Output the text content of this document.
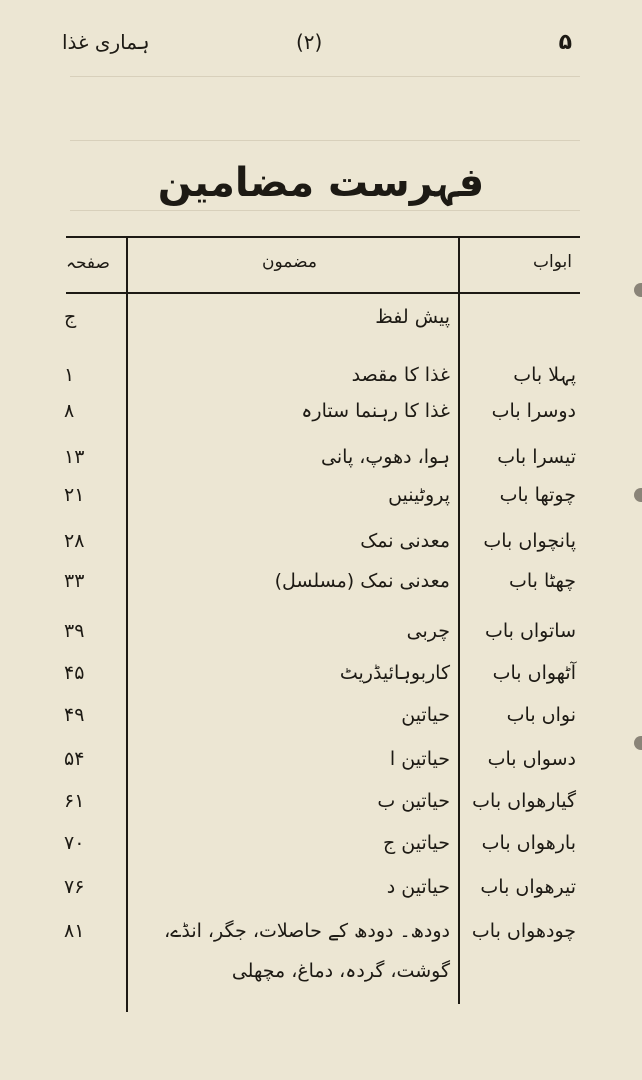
ہماری غذا	(۲)	۵
فہرست مضامین
ابواب
مضمون
صفحہ
پیش لفظ
ج
پہلا باب
غذا کا مقصد
۱
دوسرا باب
غذا کا رہنما ستارہ
۸
تیسرا باب
ہوا، دھوپ، پانی
۱۳
چوتھا باب
پروٹینیں
۲۱
پانچواں باب
معدنی نمک
۲۸
چھٹا باب
معدنی نمک (مسلسل)
۳۳
ساتواں باب
چربی
۳۹
آٹھواں باب
کاربوہائیڈریٹ
۴۵
نواں باب
حیاتین
۴۹
دسواں باب
حیاتین ا
۵۴
گیارھواں باب
حیاتین ب
۶۱
بارھواں باب
حیاتین ج
۷۰
تیرھواں باب
حیاتین د
۷۶
چودھواں باب
دودھ۔ دودھ کے حاصلات، جگر، انڈے،
۸۱
گوشت، گردہ، دماغ، مچھلی
